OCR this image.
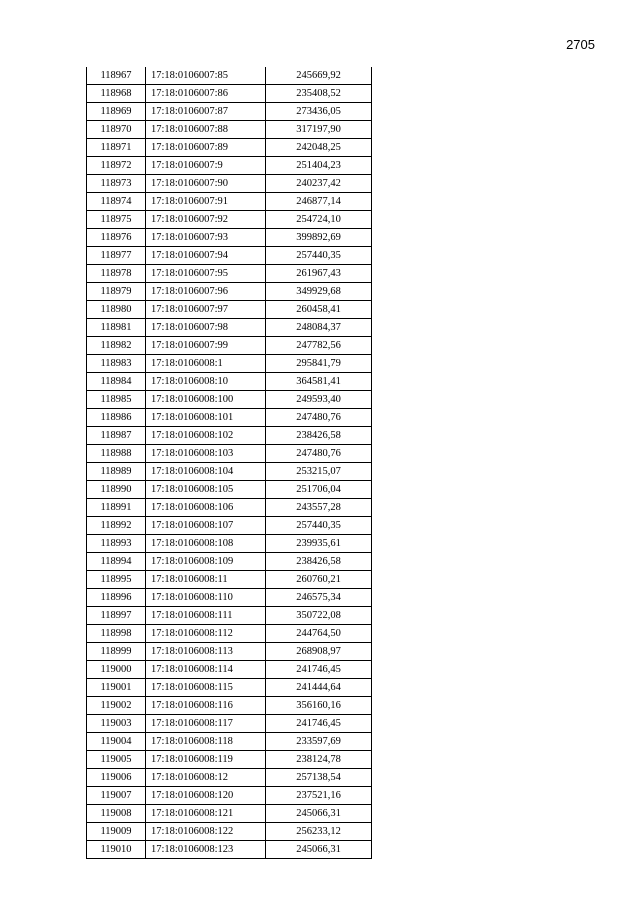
2705
118967	17:18:0106007:85	245669,92
118968	17:18:0106007:86	235408,52
118969	17:18:0106007:87	273436,05
118970	17:18:0106007:88	317197,90
118971	17:18:0106007:89	242048,25
118972	17:18:0106007:9	251404,23
118973	17:18:0106007:90	240237,42
118974	17:18:0106007:91	246877,14
118975	17:18:0106007:92	254724,10
118976	17:18:0106007:93	399892,69
118977	17:18:0106007:94	257440,35
118978	17:18:0106007:95	261967,43
118979	17:18:0106007:96	349929,68
118980	17:18:0106007:97	260458,41
118981	17:18:0106007:98	248084,37
118982	17:18:0106007:99	247782,56
118983	17:18:0106008:1	295841,79
118984	17:18:0106008:10	364581,41
118985	17:18:0106008:100	249593,40
118986	17:18:0106008:101	247480,76
118987	17:18:0106008:102	238426,58
118988	17:18:0106008:103	247480,76
118989	17:18:0106008:104	253215,07
118990	17:18:0106008:105	251706,04
118991	17:18:0106008:106	243557,28
118992	17:18:0106008:107	257440,35
118993	17:18:0106008:108	239935,61
118994	17:18:0106008:109	238426,58
118995	17:18:0106008:11	260760,21
118996	17:18:0106008:110	246575,34
118997	17:18:0106008:111	350722,08
118998	17:18:0106008:112	244764,50
118999	17:18:0106008:113	268908,97
119000	17:18:0106008:114	241746,45
119001	17:18:0106008:115	241444,64
119002	17:18:0106008:116	356160,16
119003	17:18:0106008:117	241746,45
119004	17:18:0106008:118	233597,69
119005	17:18:0106008:119	238124,78
119006	17:18:0106008:12	257138,54
119007	17:18:0106008:120	237521,16
119008	17:18:0106008:121	245066,31
119009	17:18:0106008:122	256233,12
119010	17:18:0106008:123	245066,31
